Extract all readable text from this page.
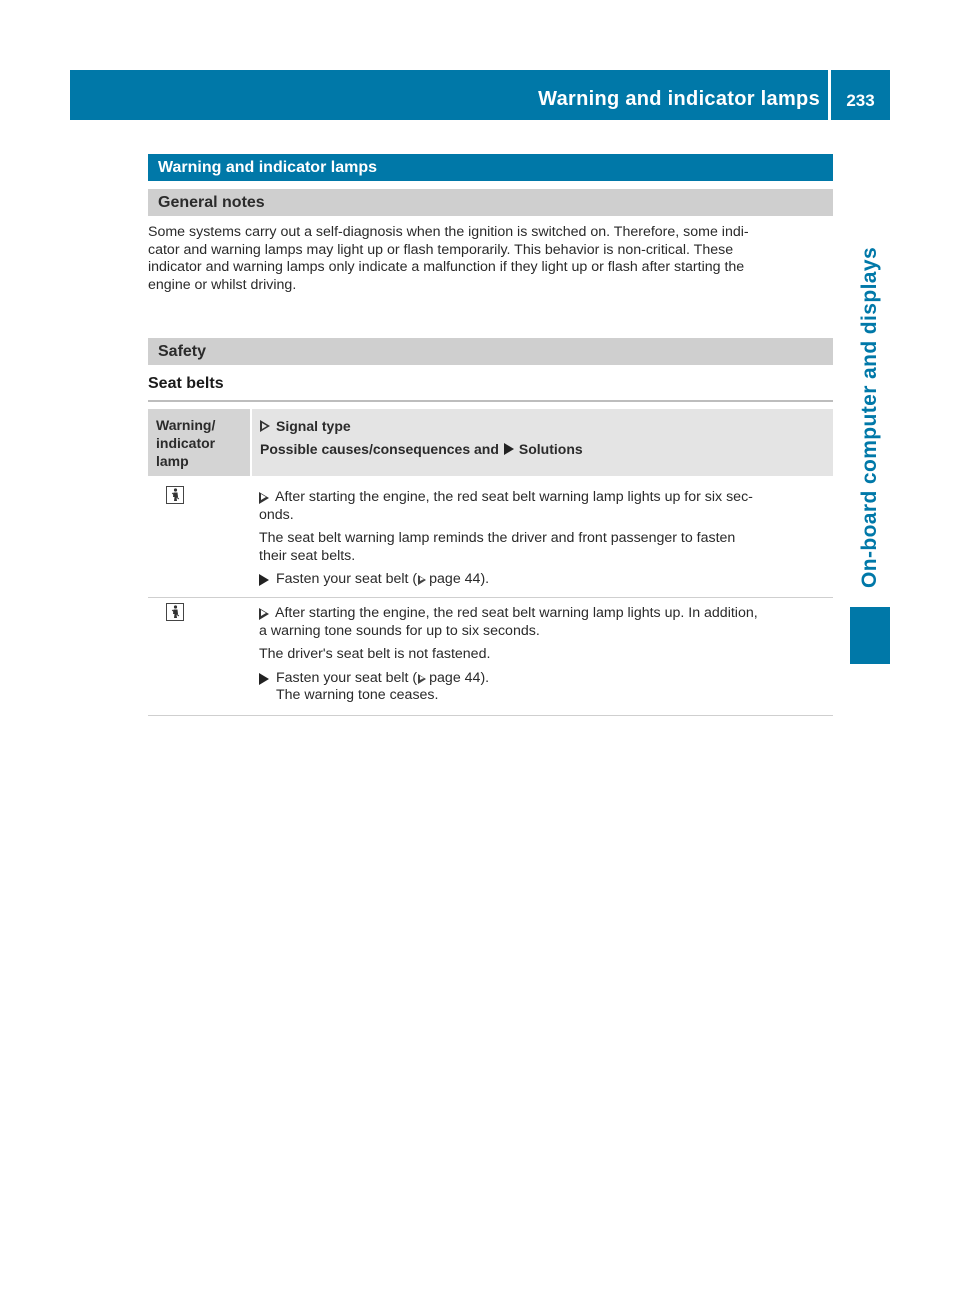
Warning and indicator lamps	233
On-board computer and displays
Warning and indicator lamps
General notes
Some systems carry out a self-diagnosis when the ignition is switched on. Therefore, some indi-
cator and warning lamps may light up or flash temporarily. This behavior is non-critical. These
indicator and warning lamps only indicate a malfunction if they light up or flash after starting the
engine or whilst driving.
Safety
Seat belts
Warning/
indicator
lamp
Signal type
Possible causes/consequences and Solutions
After starting the engine, the red seat belt warning lamp lights up for six sec-
onds.
The seat belt warning lamp reminds the driver and front passenger to fasten
their seat belts.
Fasten your seat belt ( page 44 ).
After starting the engine, the red seat belt warning lamp lights up. In addition,
a warning tone sounds for up to six seconds.
The driver's seat belt is not fastened.
Fasten your seat belt ( page 44 ).
The warning tone ceases.
